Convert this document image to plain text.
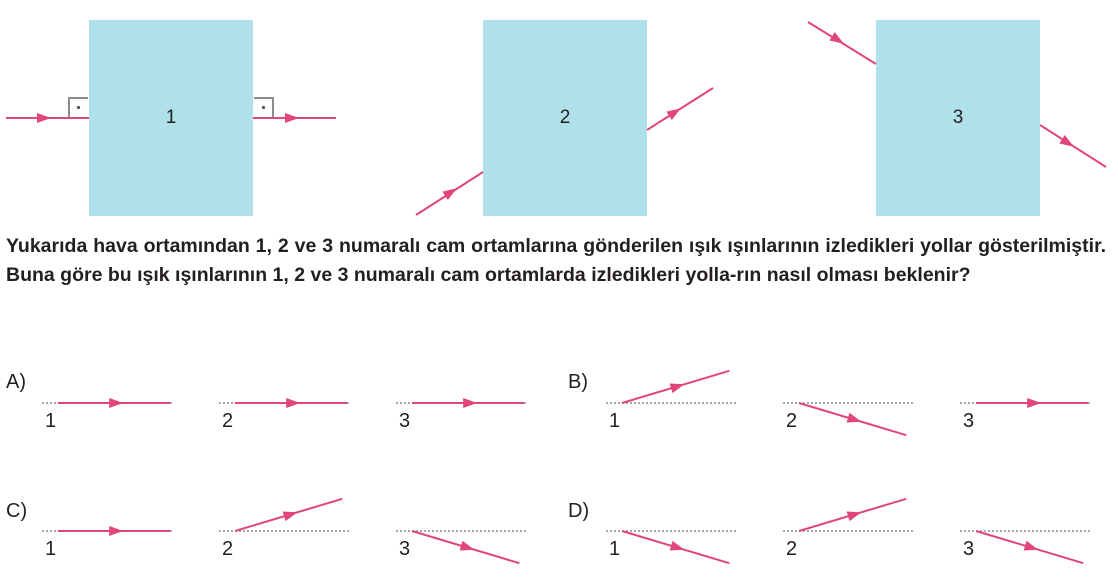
1	2	3
A)
1	2	3
B)
1	2	3
C)
1	2	3
D)
1	2	3

Yukarıda hava ortamından 1, 2 ve 3 numaralı cam ortamlarına gönderilen ışık ışınlarının izledikleri yollar gösterilmiştir. Buna göre bu ışık ışınlarının 1, 2 ve 3 numaralı cam ortamlarda izledikleri yolla-rın nasıl olması beklenir?
